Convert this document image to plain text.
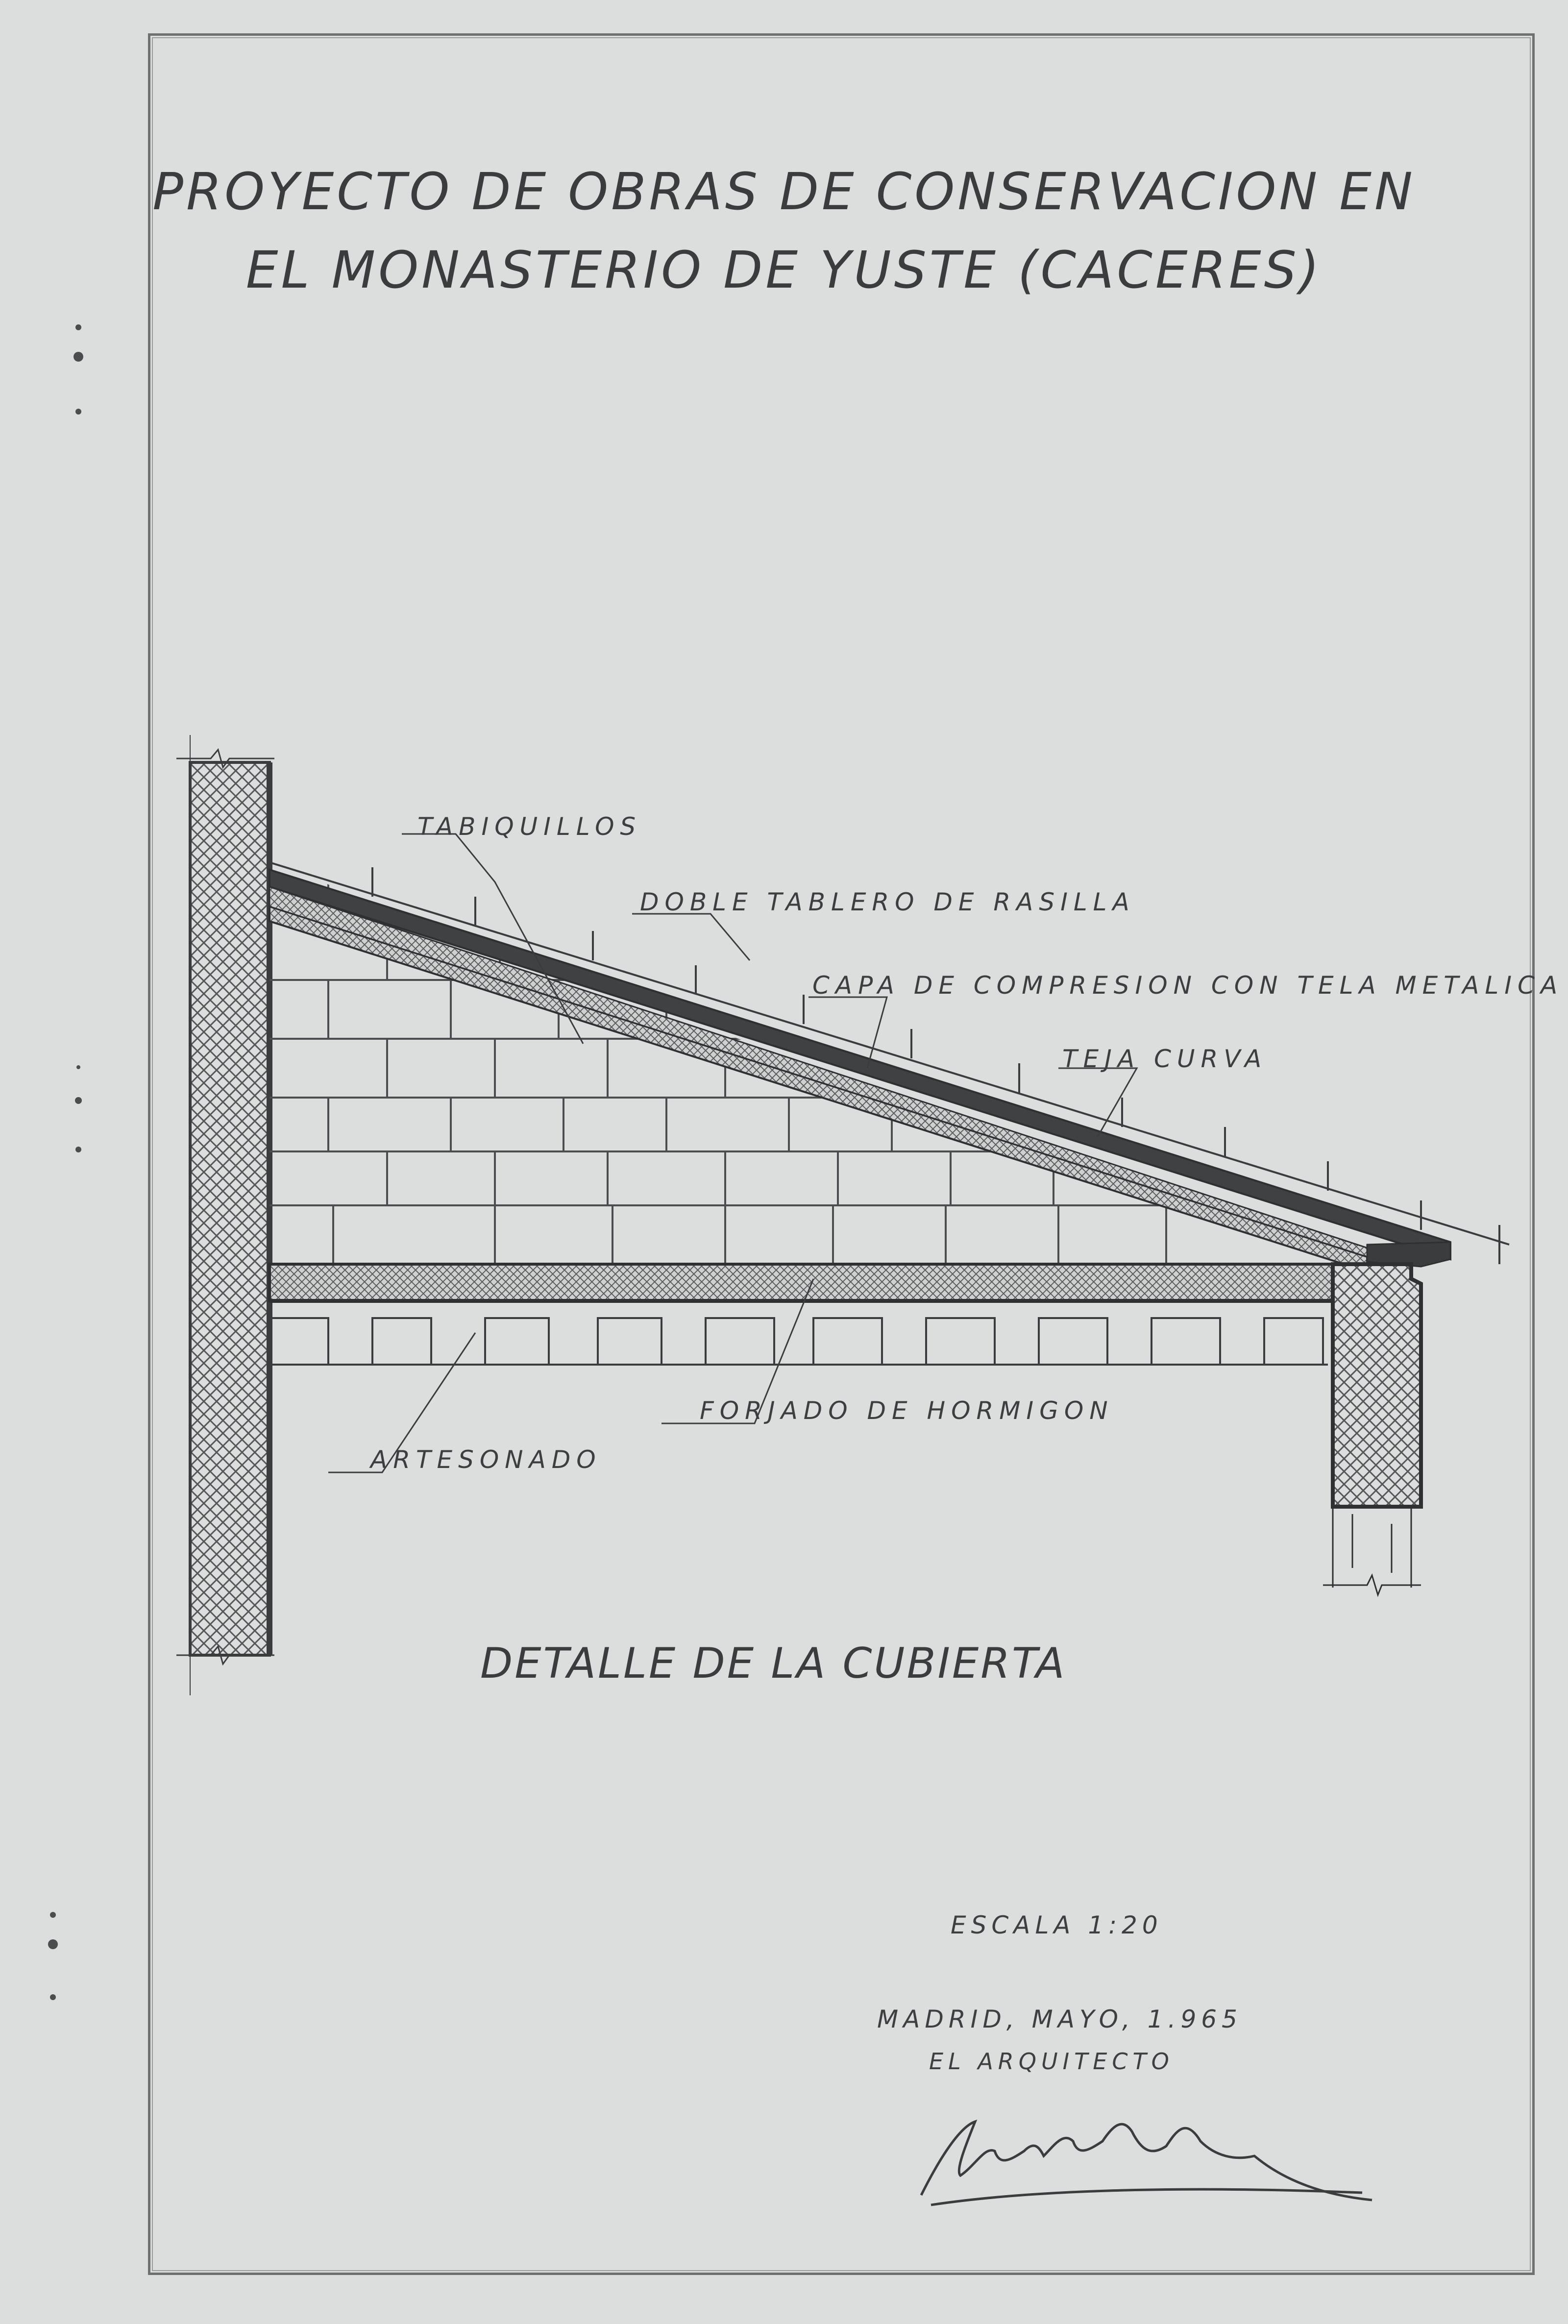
PROYECTO DE OBRAS DE CONSERVACION EN
EL MONASTERIO DE YUSTE (CACERES)
TABIQUILLOS
DOBLE TABLERO DE RASILLA
CAPA DE COMPRESION CON TELA METALICA
TEJA CURVA
FORJADO DE HORMIGON
ARTESONADO
DETALLE DE LA CUBIERTA
ESCALA 1:20
MADRID, MAYO, 1.965
EL ARQUITECTO
